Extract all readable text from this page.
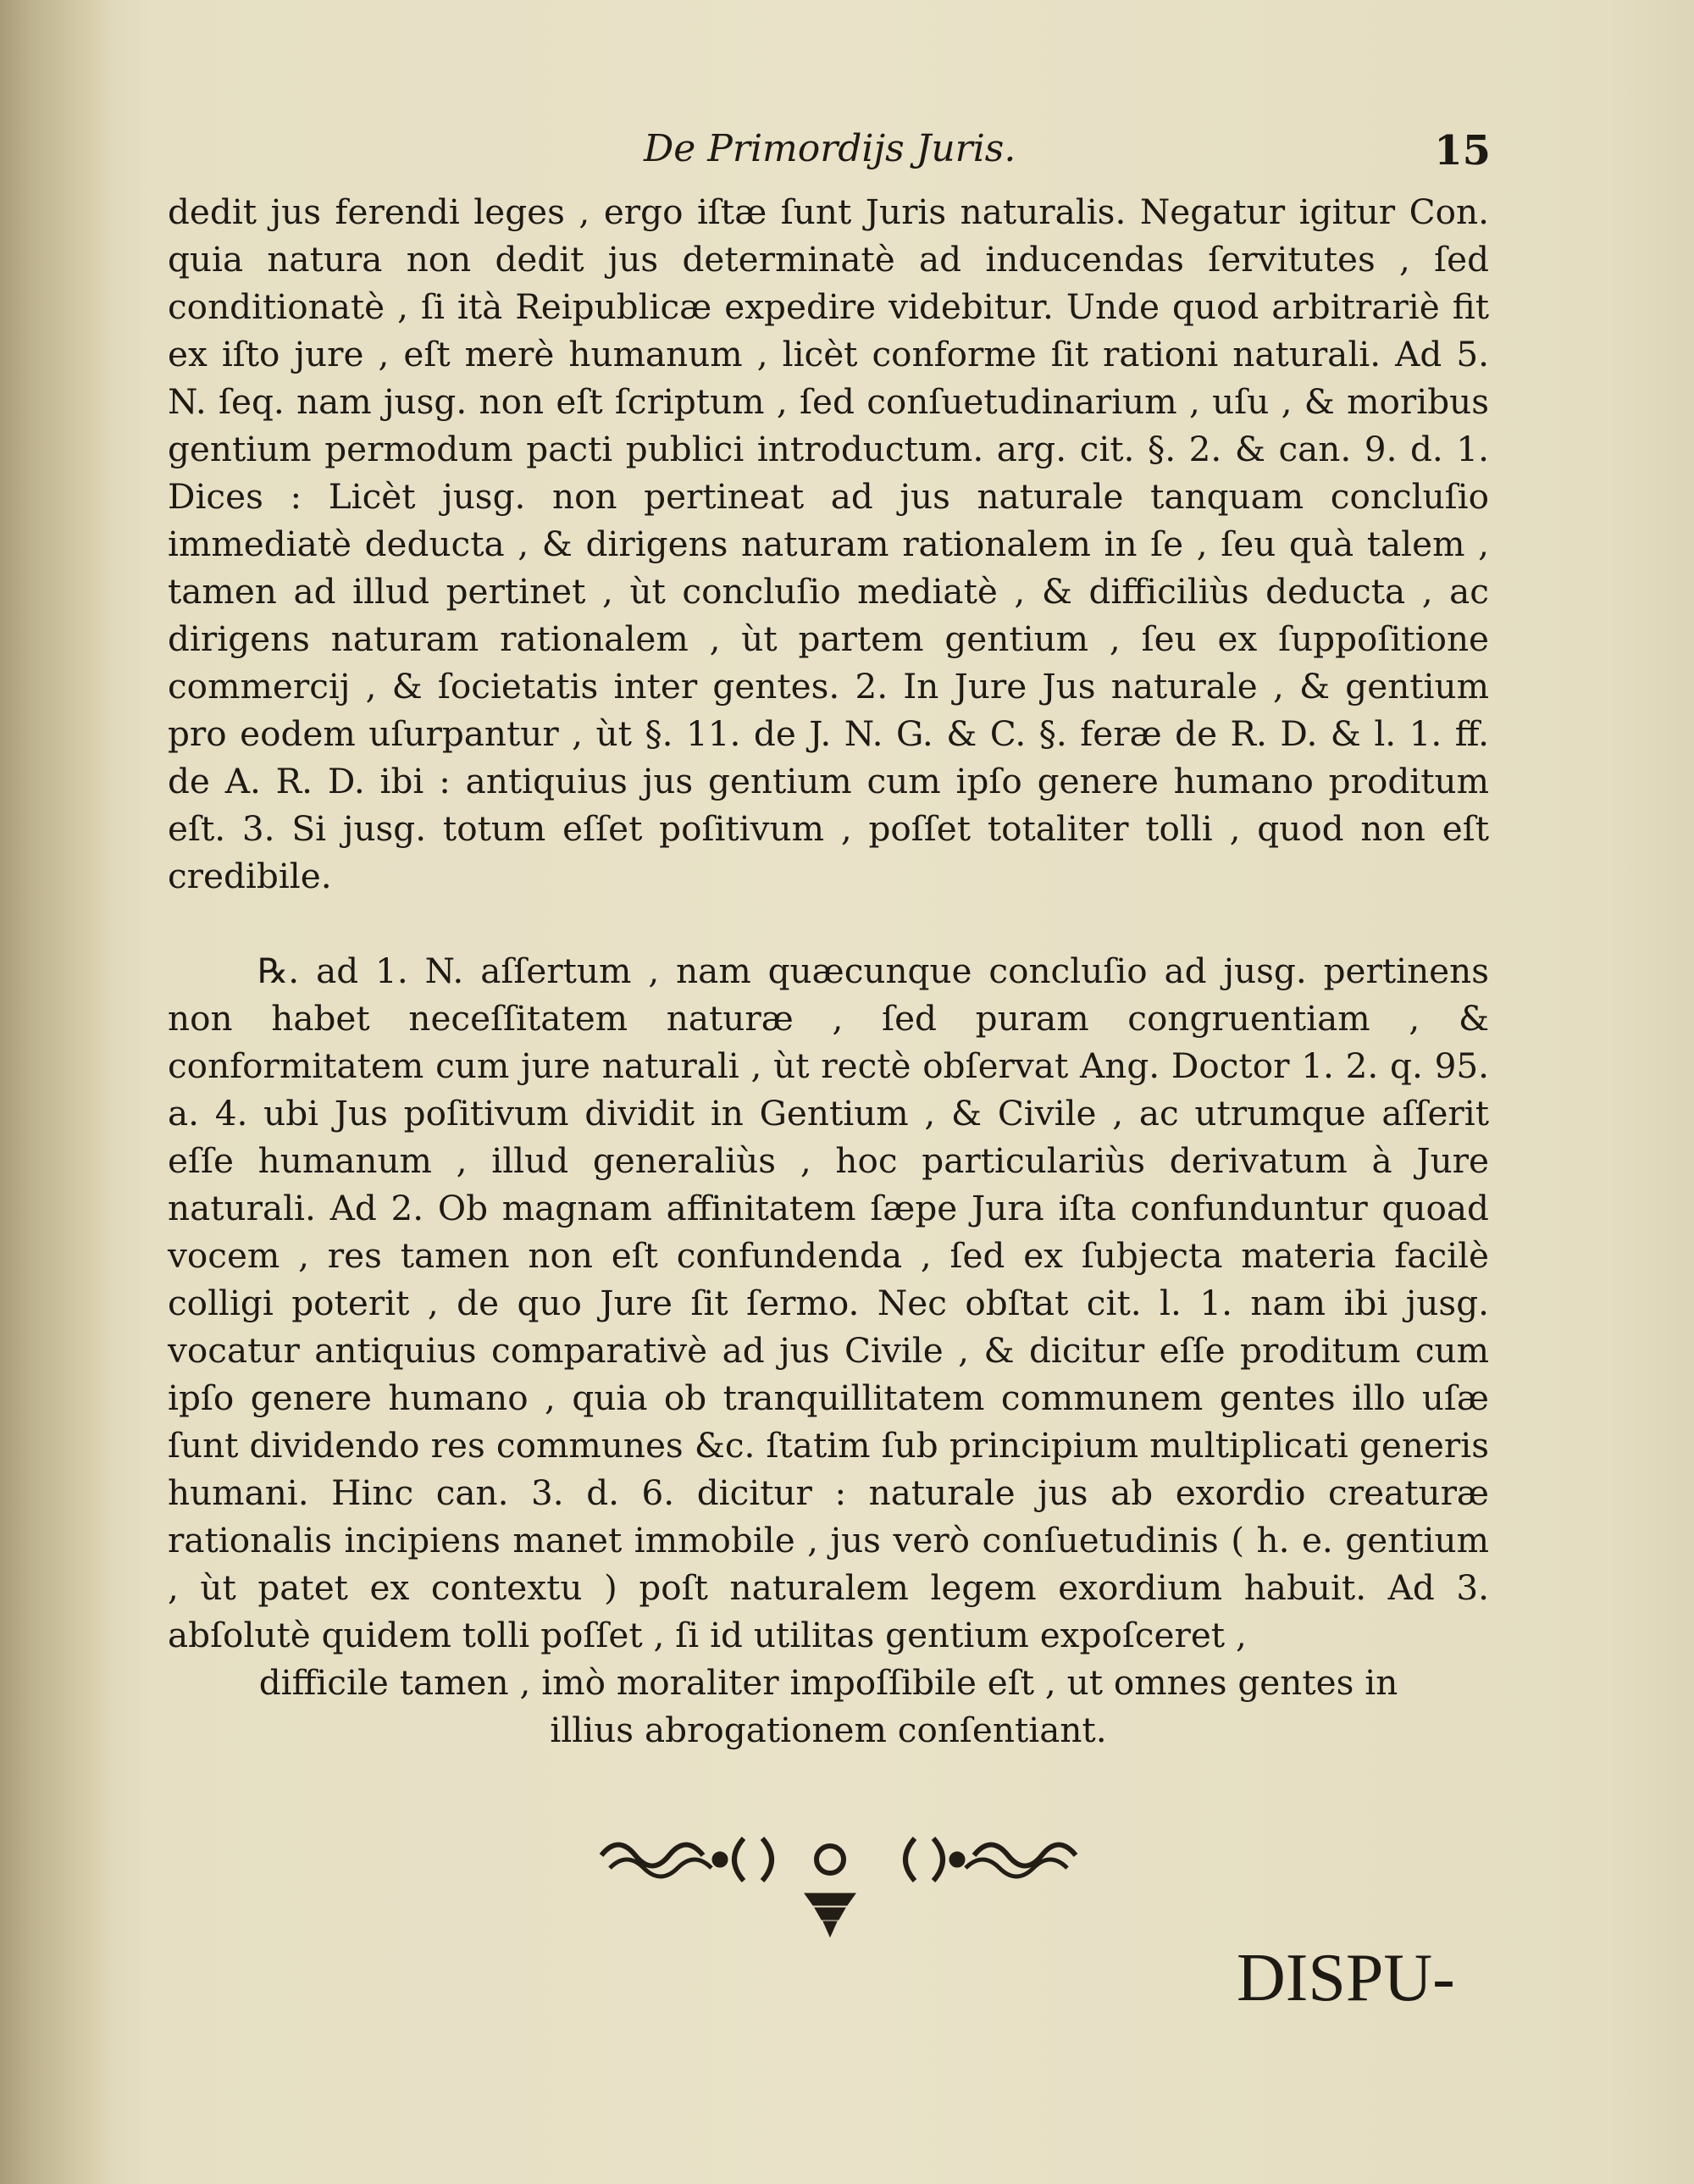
De Primordijs Juris.	15

dedit jus ferendi leges , ergo iſtæ ſunt Juris naturalis. Negatur igitur Con. quia natura non dedit jus determinatè ad inducendas ſervitutes , ſed conditionatè , ſi ità Reipublicæ expedire videbitur. Unde quod arbitrariè fit ex iſto jure , eſt merè humanum , licèt conforme ſit rationi naturali. Ad 5. N. ſeq. nam jusg. non eſt ſcriptum , ſed conſuetudinarium , uſu , & moribus gentium permodum pacti publici introductum. arg. cit. §. 2. & can. 9. d. 1. Dices : Licèt jusg. non pertineat ad jus naturale tanquam concluſio immediatè deducta , & dirigens naturam rationalem in ſe , ſeu quà talem , tamen ad illud pertinet , ùt concluſio mediatè , & difficiliùs deducta , ac dirigens naturam rationalem , ùt partem gentium , ſeu ex ſuppoſitione commercij , & ſocietatis inter gentes. 2. In Jure Jus naturale , & gentium pro eodem uſurpantur , ùt §. 11. de J. N. G. & C. §. feræ de R. D. & l. 1. ff. de A. R. D. ibi : antiquius jus gentium cum ipſo genere humano proditum eſt. 3. Si jusg. totum eſſet poſitivum , poſſet totaliter tolli , quod non eſt credibile.

℞. ad 1. N. aſſertum , nam quæcunque concluſio ad jusg. pertinens non habet neceſſitatem naturæ , ſed puram congruentiam , & conformitatem cum jure naturali , ùt rectè obſervat Ang. Doctor 1. 2. q. 95. a. 4. ubi Jus poſitivum dividit in Gentium , & Civile , ac utrumque aſſerit eſſe humanum , illud generaliùs , hoc particulariùs derivatum à Jure naturali. Ad 2. Ob magnam affinitatem ſæpe Jura iſta confunduntur quoad vocem , res tamen non eſt confundenda , ſed ex ſubjecta materia facilè colligi poterit , de quo Jure ſit ſermo. Nec obſtat cit. l. 1. nam ibi jusg. vocatur antiquius comparativè ad jus Civile , & dicitur eſſe proditum cum ipſo genere humano , quia ob tranquillitatem communem gentes illo uſæ ſunt dividendo res communes &c. ſtatim ſub principium multiplicati generis humani. Hinc can. 3. d. 6. dicitur : naturale jus ab exordio creaturæ rationalis incipiens manet immobile , jus verò conſuetudinis ( h. e. gentium , ùt patet ex contextu ) poſt naturalem legem exordium habuit. Ad 3. abſolutè quidem tolli poſſet , ſi id utilitas gentium expoſceret ,

difficile tamen , imò moraliter impoſſibile eſt , ut omnes gentes in illius abrogationem conſentiant.

DISPU-
